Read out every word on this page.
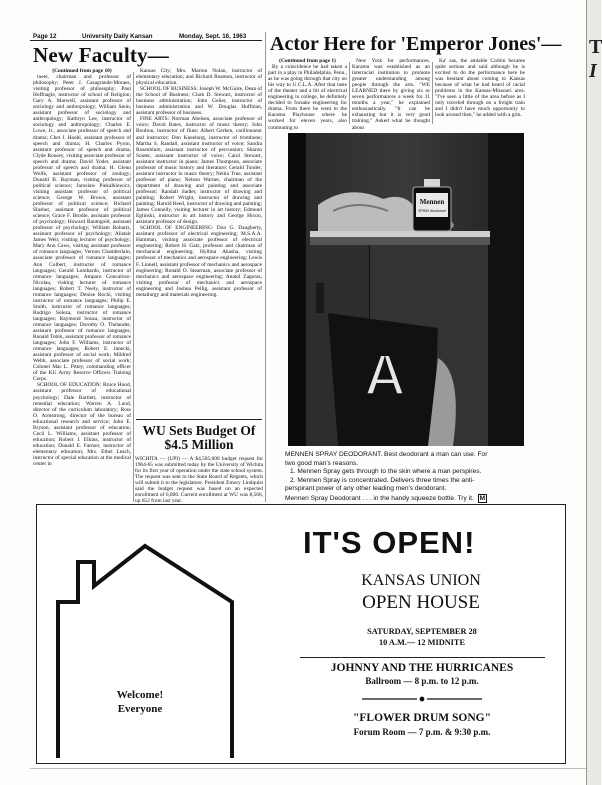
T
I
Page 12	University Daily Kansan	Monday, Sept. 16, 1963
New Faculty—	Actor Here for 'Emperor Jones'—
(Continued from page 10)

ineer, chairman and professor of philosophy; Peter J. Casagrande-Moraes, visiting professor of philosophy; Paul Hoffnagle, instructor of school of Religion; Gary A. Marwell, assistant professor of sociology and anthropology; William Stein, assistant professor of sociology and anthropology; Kathryn Lee, instructor of sociology and anthropology; Charles E. Lowe, Jr., associate professor of speech and drama; Chet J. Hoehl, assistant professor of speech and drama; H. Charles Pyron, assistant professor of speech and drama; Clyde Rousey, visiting associate professor of speech and drama; David Yoder, assistant professor of speech and drama; H. Glenn Wolfe, assistant professor of zoology; Donald B. Bayman, visiting professor of political science; Jaroslaw Piekalkiewicz, visiting assistant professor of political science; George W. Brown, assistant professor of political science; Richard Slusher, assistant professor of political science; Grace F. Brodie, assistant professor of psychology; Howard Baumgold, assistant professor of psychology; William Bobartz, assistant professor of psychology; Alistair James Weir, visiting lecturer of psychology; Mary Ann Caws, visiting assistant professor of romance languages; Vernon Chamberlain, associate professor of romance languages; Ann Colbert, instructor of romance languages; Gerald Lombardo, instructor of romance languages; Amparo Goncalvez-Nicolau, visiting lecturer of romance languages; Robert T. Neely, instructor of romance languages; Denise Rochi, visiting instructor of romance languages; Philip E. Smith, instructor of romance languages; Rodrigo Soleza, instructor of romance languages; Raymond Souza, instructor of romance languages; Dorothy O. Thelander, assistant professor of romance languages; Ronald Tobin, assistant professor of romance languages; John F. Williams, instructor of romance languages; Robert E. Janecki, assistant professor of social work; Mildred Webb, associate professor of social work; Colonel Mac L. Pittey, commanding officer of the KU Army Reserve Officers Training Corps.

SCHOOL OF EDUCATION: Bruce Hood, assistant professor of educational psychology; Dale Bartlett, instructor of remedial education; Warren A. Lund, director of the curriculum laboratory; Ross O. Armstrong, director of the bureau of educational research and service; John E. Bryson, assistant professor of education; Cecil L. Williams, assistant professor of education; Robert J. Elkins, instructor of education; Donald E. Farmer, instructor of elementary education; Mrs. Ethel Leach, instructor of special education at the medical center in

Kansas City; Mrs. Marion Nolan, instructor of elementary education; and Richard Reamon, instructor of physical education.

SCHOOL OF BUSINESS: Joseph W. McGuire, Dean of the School of Business; Clark D. Stewart, instructor of business administration; John Geiler, instructor of business administration and W. Douglas Huffman, assistant professor of business.

FINE ARTS: Norman Abelsen, associate professor of voice; David Bates, instructor of music theory; John Boulton, instructor of flute; Albert Gerken, carillonneur and instructor; Don Kneeburg, instructor of trombone; Martha S. Randall, assistant instructor of voice; Sandra Rosenblum, assistant instructor of percussion; Sharon Sooter, assistant instructor of voice; Carol Stewart, assistant instructor in piano; James Thompson, associate professor of music history and literature; Gerald Tonder, assistant instructor in music theory; Nelita True, assistant professor of piano; Nelson Warner, chairman of the department of drawing and painting and associate professor; Randall Sadler, instructor of drawing and painting; Robert Wright, instructor of drawing and painting; Harold Reed, instructor of drawing and painting; James Connelly, visiting lecturer in art history; Edmund Eglinski, instructor in art history and George Hixon, assistant professor of design.

SCHOOL OF ENGINEERING: Don G. Daugherty, assistant professor of electrical engineering; M.S.A.A. Hamman, visiting associate professor of electrical engineering; Robert H. Gatz, professor and chairman of mechanical engineering; Hyllma Akasha, visiting professor of mechanics and aerospace engineering; Lewis F. Linnell, assistant professor of mechanics and aerospace engineering; Ronald O. Stearman, associate professor of mechanics and aerospace engineering; Anatol Zagoras, visiting professor of mechanics and aerospace engineering and Joshua Pellig, assistant professor of metallurgy and materials engineering.

WU Sets Budget Of $4.5 Million
WICHITA — (UPI) — A $4,505,000 budget request for 1964-65 was submitted today by the University of Wichita for its first year of operation under the state school system. The request was sent to the State Board of Regents, which will submit it to the legislature. President Emory Lindquist said the budget request was based on an expected enrollment of 6,800. Current enrollment at WU was 8,566, up 652 from last year.
(Continued from page 1)

By a coincidence he had taken a part in a play in Philadelphia, Penn., as he was going through that city on his way to U.C.L.A. After that taste of the theater and a bit of electrical engineering in college, he definitely decided to forsake engineering for drama. From there he went to the Karamu Playhouse where he worked for eleven years, also commuting to

New York for performances. Karamu was established as an interracial institution to promote greater understanding among people through the arts. "WE LEARNED there by giving six or seven performances a week for 11 months a year," he explained enthusiastically. "It can be exhausting but it is very good training." Asked what he thought about

Ka' sas, the amiable Corbin became quite serious and said although he is excited to do the performance here he was hesitant about coming to Kansas because of what he had heard of racial problems in the Kansas-Missouri area. "I've seen a little of the area before as I only traveled through on a freight train and I didn't have much opportunity to look around then," he added with a grin.

Mennen
SPRAY deodorant
A
MENNEN SPRAY DEODORANT. Best deodorant a man can use. For
two good man's reasons.
1. Mennen Spray gets through to the skin where a man perspires.
2. Mennen Spray is concentrated. Delivers three times the anti-
perspirant power of any other leading men's deodorant.
Mennen Spray Deodorant . . . in the handy squeeze bottle. Try it. M
Welcome!
Everyone
IT'S OPEN!
KANSAS UNION
OPEN HOUSE
SATURDAY, SEPTEMBER 28
10 A.M.— 12 MIDNITE
JOHNNY AND THE HURRICANES
Ballroom — 8 p.m. to 12 p.m.
"FLOWER DRUM SONG"
Forum Room — 7 p.m. & 9:30 p.m.
